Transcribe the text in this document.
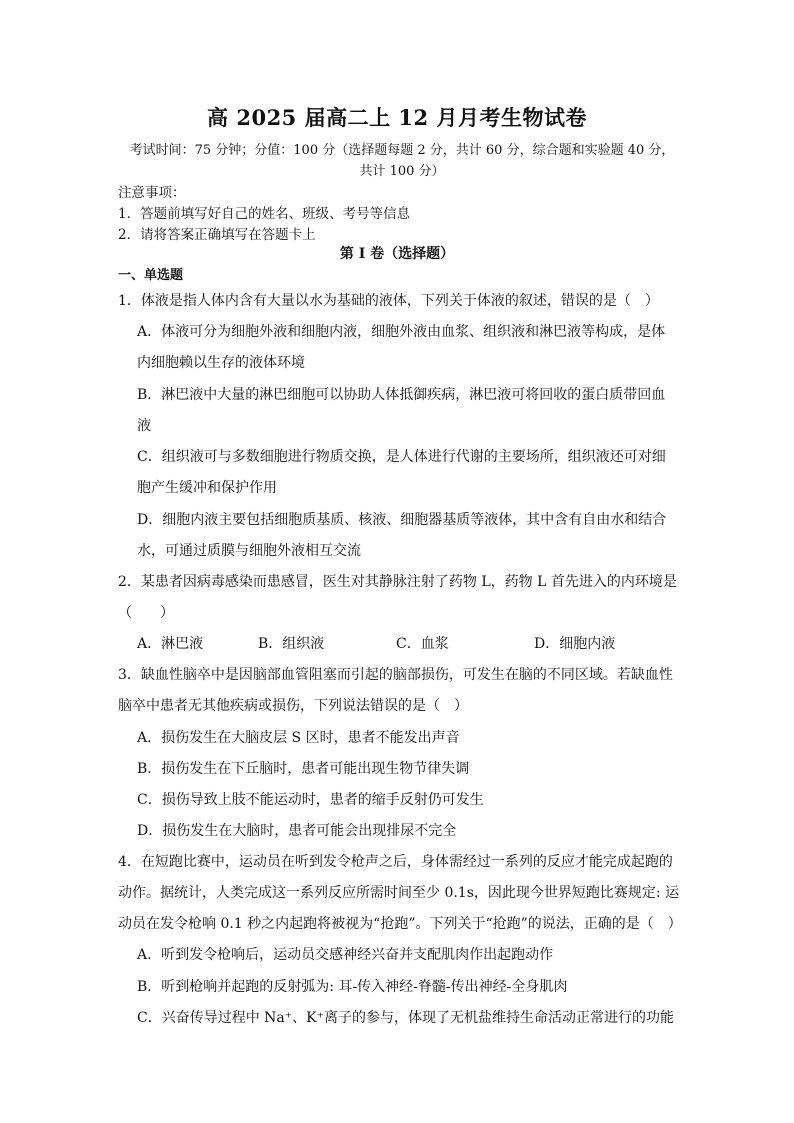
高 2025 届高二上 12 月月考生物试卷
考试时间：75 分钟；分值：100 分（选择题每题 2 分，共计 60 分，综合题和实验题 40 分，
共计 100 分）
注意事项：
1．答题前填写好自己的姓名、班级、考号等信息
2．请将答案正确填写在答题卡上
第 I 卷（选择题）
一、单选题
1．体液是指人体内含有大量以水为基础的液体，下列关于体液的叙述，错误的是（　）
A．体液可分为细胞外液和细胞内液，细胞外液由血浆、组织液和淋巴液等构成，是体
内细胞赖以生存的液体环境
B．淋巴液中大量的淋巴细胞可以协助人体抵御疾病，淋巴液可将回收的蛋白质带回血
液
C．组织液可与多数细胞进行物质交换，是人体进行代谢的主要场所，组织液还可对细
胞产生缓冲和保护作用
D．细胞内液主要包括细胞质基质、核液、细胞器基质等液体，其中含有自由水和结合
水，可通过质膜与细胞外液相互交流
2．某患者因病毒感染而患感冒，医生对其静脉注射了药物 L，药物 L 首先进入的内环境是
（　　）
A．淋巴液	B．组织液	C．血浆	D．细胞内液
3．缺血性脑卒中是因脑部血管阻塞而引起的脑部损伤，可发生在脑的不同区域。若缺血性
脑卒中患者无其他疾病或损伤，下列说法错误的是（　）
A．损伤发生在大脑皮层 S 区时，患者不能发出声音
B．损伤发生在下丘脑时，患者可能出现生物节律失调
C．损伤导致上肢不能运动时，患者的缩手反射仍可发生
D．损伤发生在大脑时，患者可能会出现排尿不完全
4．在短跑比赛中，运动员在听到发令枪声之后，身体需经过一系列的反应才能完成起跑的
动作。据统计，人类完成这一系列反应所需时间至少 0.1s，因此现今世界短跑比赛规定: 运
动员在发令枪响 0.1 秒之内起跑将被视为“抢跑”。下列关于“抢跑”的说法，正确的是（　）
A．听到发令枪响后，运动员交感神经兴奋并支配肌肉作出起跑动作
B．听到枪响并起跑的反射弧为: 耳-传入神经-脊髓-传出神经-全身肌肉
C．兴奋传导过程中 Na⁺、K⁺离子的参与，体现了无机盐维持生命活动正常进行的功能
